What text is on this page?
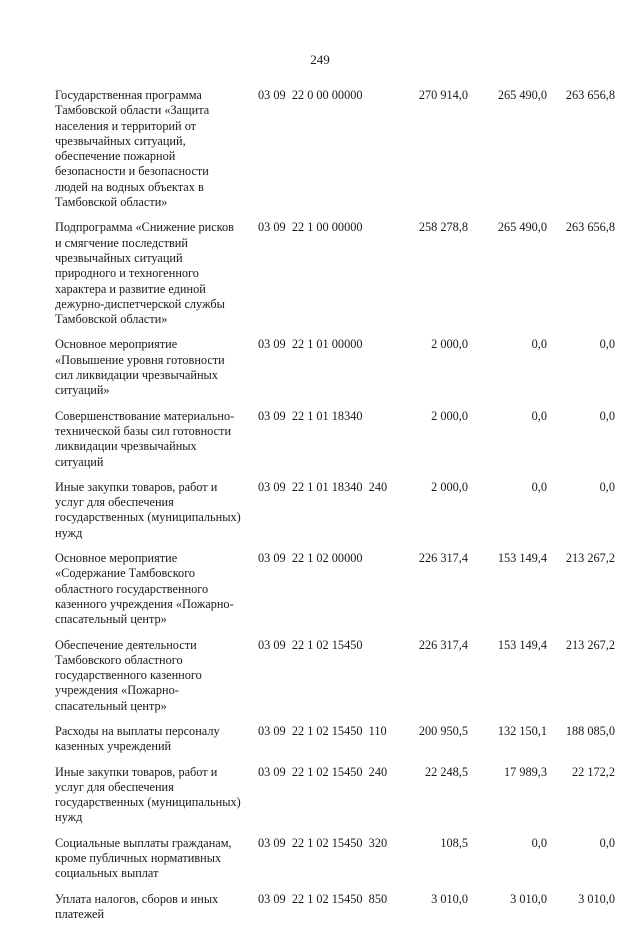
249
Государственная программа
Тамбовской области «Защита
населения и территорий от
чрезвычайных ситуаций,
обеспечение пожарной
безопасности и безопасности
людей на водных объектах в
Тамбовской области»
03 09  22 0 00 00000	270 914,0	265 490,0	263 656,8
Подпрограмма «Снижение рисков
и смягчение последствий
чрезвычайных ситуаций
природного и техногенного
характера и развитие единой
дежурно-диспетчерской службы
Тамбовской области»
03 09  22 1 00 00000	258 278,8	265 490,0	263 656,8
Основное мероприятие
«Повышение уровня готовности
сил ликвидации чрезвычайных
ситуаций»
03 09  22 1 01 00000	2 000,0	0,0	0,0
Совершенствование материально-
технической базы сил готовности
ликвидации чрезвычайных
ситуаций
03 09  22 1 01 18340	2 000,0	0,0	0,0
Иные закупки товаров, работ и
услуг для обеспечения
государственных (муниципальных)
нужд
03 09  22 1 01 18340  240	2 000,0	0,0	0,0
Основное мероприятие
«Содержание Тамбовского
областного государственного
казенного учреждения «Пожарно-
спасательный центр»
03 09  22 1 02 00000	226 317,4	153 149,4	213 267,2
Обеспечение деятельности
Тамбовского областного
государственного казенного
учреждения «Пожарно-
спасательный центр»
03 09  22 1 02 15450	226 317,4	153 149,4	213 267,2
Расходы на выплаты персоналу
казенных учреждений
03 09  22 1 02 15450  110	200 950,5	132 150,1	188 085,0
Иные закупки товаров, работ и
услуг для обеспечения
государственных (муниципальных)
нужд
03 09  22 1 02 15450  240	22 248,5	17 989,3	22 172,2
Социальные выплаты гражданам,
кроме публичных нормативных
социальных выплат
03 09  22 1 02 15450  320	108,5	0,0	0,0
Уплата налогов, сборов и иных
платежей
03 09  22 1 02 15450  850	3 010,0	3 010,0	3 010,0
